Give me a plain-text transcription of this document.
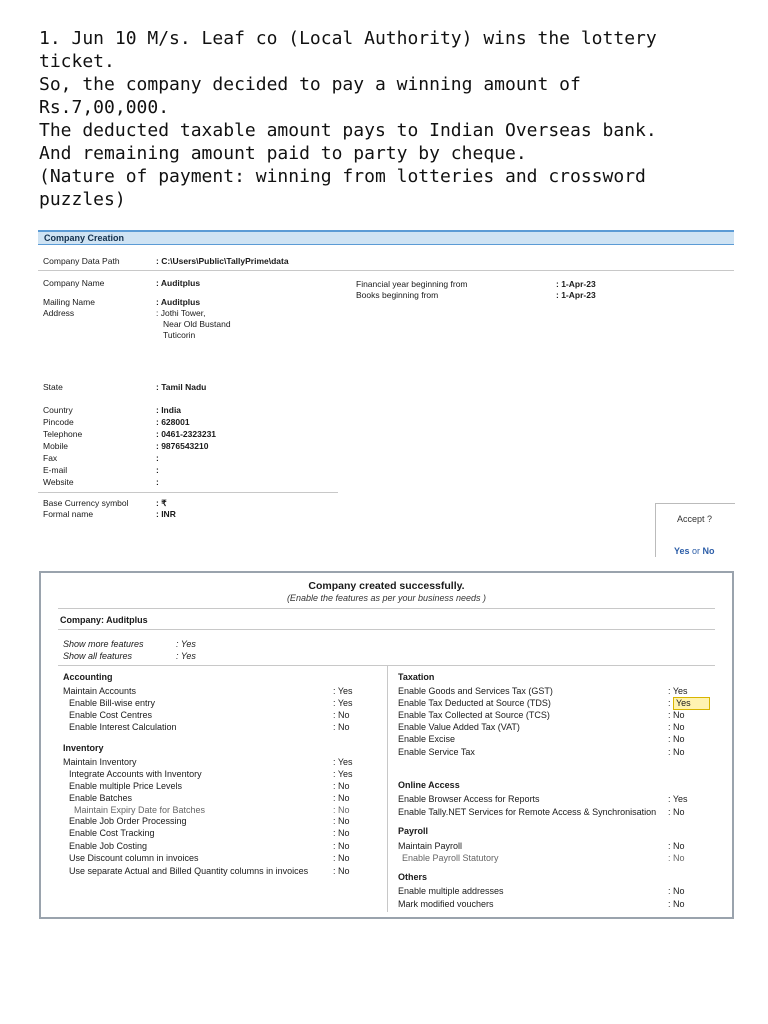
1. Jun 10 M/s. Leaf co (Local Authority) wins the lottery
ticket.
So, the company decided to pay a winning amount of
Rs.7,00,000.
The deducted taxable amount pays to Indian Overseas bank.
And remaining amount paid to party by cheque.
(Nature of payment: winning from lotteries and crossword
puzzles)
Company Creation
Company Data Path	: C:\Users\Public\TallyPrime\data
Company Name	: Auditplus	Financial year beginning from	: 1-Apr-23
Books beginning from	: 1-Apr-23
Mailing Name	: Auditplus
Address	: Jothi Tower,
Near Old Bustand
Tuticorin
State	: Tamil Nadu
Country	: India
Pincode	: 628001
Telephone	: 0461-2323231
Mobile	: 9876543210
Fax	:
E-mail	:
Website	:
Base Currency symbol	: ₹
Formal name	: INR	Accept ?
Yes or No
Company created successfully.
(Enable the features as per your business needs )
Company: Auditplus
Show more features	: Yes
Show all features	: Yes
Accounting
Maintain Accounts	: Yes
Enable Bill-wise entry	: Yes
Enable Cost Centres	: No
Enable Interest Calculation	: No
Inventory
Maintain Inventory	: Yes
Integrate Accounts with Inventory	: Yes
Enable multiple Price Levels	: No
Enable Batches	: No
Maintain Expiry Date for Batches	: No
Enable Job Order Processing	: No
Enable Cost Tracking	: No
Enable Job Costing	: No
Use Discount column in invoices	: No
Use separate Actual and Billed Quantity columns in invoices	: No
Taxation
Enable Goods and Services Tax (GST)	: Yes
Enable Tax Deducted at Source (TDS)	: Yes
Enable Tax Collected at Source (TCS)	: No
Enable Value Added Tax (VAT)	: No
Enable Excise	: No
Enable Service Tax	: No
Online Access
Enable Browser Access for Reports	: Yes
Enable Tally.NET Services for Remote Access & Synchronisation : No
Payroll
Maintain Payroll	: No
Enable Payroll Statutory	: No
Others
Enable multiple addresses	: No
Mark modified vouchers	: No
